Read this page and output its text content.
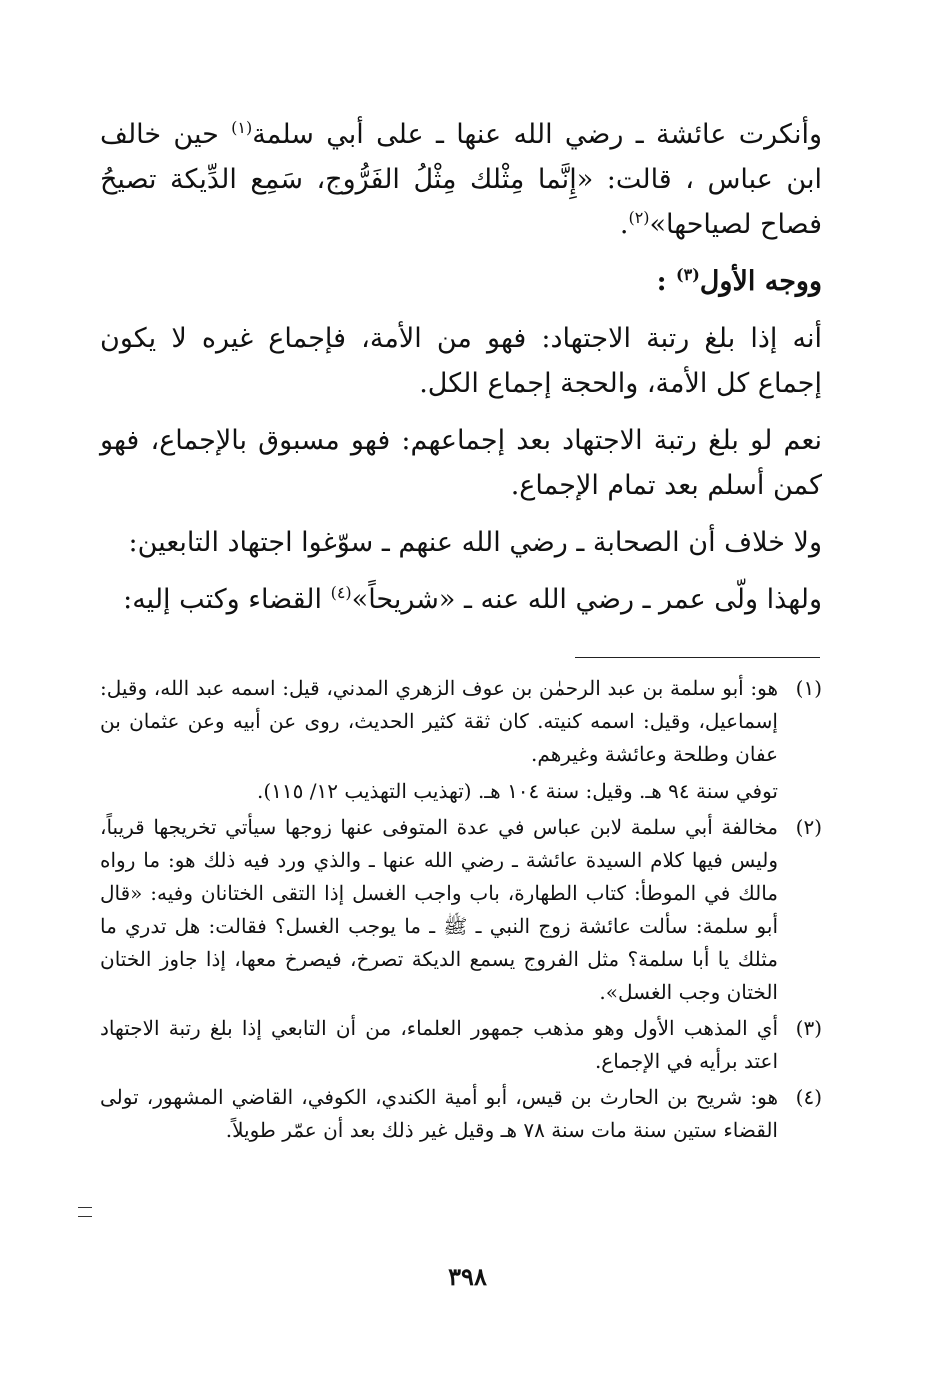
وأنكرت عائشة ـ رضي الله عنها ـ على أبي سلمة$^{(١)}$ حين خالف ابن عباس ، قالت: «إِنَّما مِثْلك مِثْلُ الفَرُّوج، سَمِع الدِّيكة تصيحُ فصاح لصياحها»$^{(٢)}$.

ووجه الأول$^{(٣)}$ :

أنه إذا بلغ رتبة الاجتهاد: فهو من الأمة، فإجماع غيره لا يكون إجماع كل الأمة، والحجة إجماع الكل.

نعم لو بلغ رتبة الاجتهاد بعد إجماعهم: فهو مسبوق بالإجماع، فهو كمن أسلم بعد تمام الإجماع.

ولا خلاف أن الصحابة ـ رضي الله عنهم ـ سوّغوا اجتهاد التابعين:

ولهذا ولّى عمر ـ رضي الله عنه ـ «شريحاً»$^{(٤)}$ القضاء وكتب إليه:

(١)
هو: أبو سلمة بن عبد الرحمٰن بن عوف الزهري المدني، قيل: اسمه عبد الله، وقيل: إسماعيل، وقيل: اسمه كنيته. كان ثقة كثير الحديث، روى عن أبيه وعن عثمان بن عفان وطلحة وعائشة وغيرهم.
توفي سنة ٩٤ هـ. وقيل: سنة ١٠٤ هـ. (تهذيب التهذيب ١٢/ ١١٥).
(٢)
مخالفة أبي سلمة لابن عباس في عدة المتوفى عنها زوجها سيأتي تخريجها قريباً، وليس فيها كلام السيدة عائشة ـ رضي الله عنها ـ والذي ورد فيه ذلك هو: ما رواه مالك في الموطأ: كتاب الطهارة، باب واجب الغسل إذا التقى الختانان وفيه: «قال أبو سلمة: سألت عائشة زوج النبي ـ ﷺ ـ ما يوجب الغسل؟ فقالت: هل تدري ما مثلك يا أبا سلمة؟ مثل الفروج يسمع الديكة تصرخ، فيصرخ معها، إذا جاوز الختان الختان وجب الغسل».
(٣)
أي المذهب الأول وهو مذهب جمهور العلماء، من أن التابعي إذا بلغ رتبة الاجتهاد اعتد برأيه في الإجماع.
(٤)
هو: شريح بن الحارث بن قيس، أبو أمية الكندي، الكوفي، القاضي المشهور، تولى القضاء ستين سنة مات سنة ٧٨ هـ وقيل غير ذلك بعد أن عمّر طويلاً.
٣٩٨
